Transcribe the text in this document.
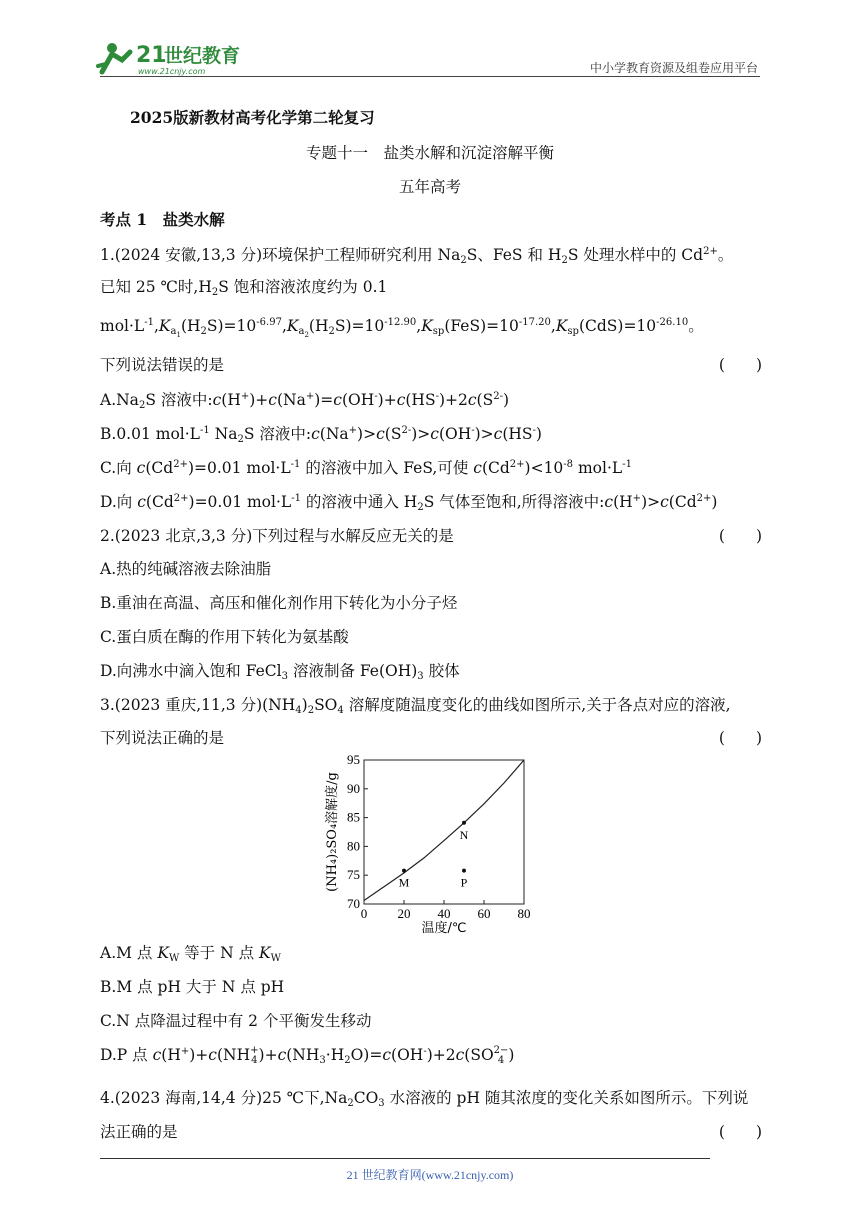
21
世纪教育
www.21cnjy.com	中小学教育资源及组卷应用平台
2025版新教材高考化学第二轮复习
专题十一　盐类水解和沉淀溶解平衡
五年高考
考点 1　盐类水解
1.(2024 安徽,13,3 分)环境保护工程师研究利用 $Na_2S$、FeS 和 $H_2S$ 处理水样中的 $Cd^{2+}$。
已知 25 ℃时$,H_2S$ 饱和溶液浓度约为 0.1
$mol\cdot L^{-1},K_{a_1}(H_2S)=10^{-6.97},K_{a_2}(H_2S)=10^{-12.90},K_{sp}(FeS)=10^{-17.20},K_{sp}(CdS)=10^{-26.10}$。
下列说法错误的是	(　　)
$A.Na_2S$ 溶液中$:c(H^+)+c(Na^+)=c(OH^-)+c(HS^-)+2c(S^{2-})$
B.0.01 $mol\cdot L^{-1}$ $Na_2S$ 溶液中$:c(Na^+)>c(S^{2-})>c(OH^-)>c(HS^-)$
C.向 $c(Cd^{2+})=0.01$ $mol\cdot L^{-1}$ 的溶液中加入 FeS,可使 $c(Cd^{2+})<10^{-8}$ $mol\cdot L^{-1}$
D.向 $c(Cd^{2+})=0.01$ $mol\cdot L^{-1}$ 的溶液中通入 $H_2S$ 气体至饱和,所得溶液中$:c(H^+)>c(Cd^{2+})$
2.(2023 北京,3,3 分)下列过程与水解反应无关的是	(　　)
A.热的纯碱溶液去除油脂
B.重油在高温、高压和催化剂作用下转化为小分子烃
C.蛋白质在酶的作用下转化为氨基酸
D.向沸水中滴入饱和 FeCl$_3$ 溶液制备 $Fe(OH)_3$ 胶体
3.(2023 重庆,11,3 分)$(NH_4)_2SO_4$ 溶解度随温度变化的曲线如图所示,关于各点对应的溶液,
下列说法正确的是	(　　)
0 20 40 60 80
70
75
80
85
90
95
M
N
P
温度/℃
(NH₄)₂SO₄溶解度/g
A.M 点 $K_W$ 等于 N 点 $K_W$
B.M 点 pH 大于 N 点 pH
C.N 点降温过程中有 2 个平衡发生移动
D.P 点 c(H+)+c(NH +
4 )$+c(NH_3\cdot H_2O)=c(OH^-)+2c(SO$ 2−
4 )
4.(2023 海南,14,4 分)25 ℃下$,Na_2CO_3$ 水溶液的 pH 随其浓度的变化关系如图所示。下列说
法正确的是	(　　)
21 世纪教育网(www.21cnjy.com)
